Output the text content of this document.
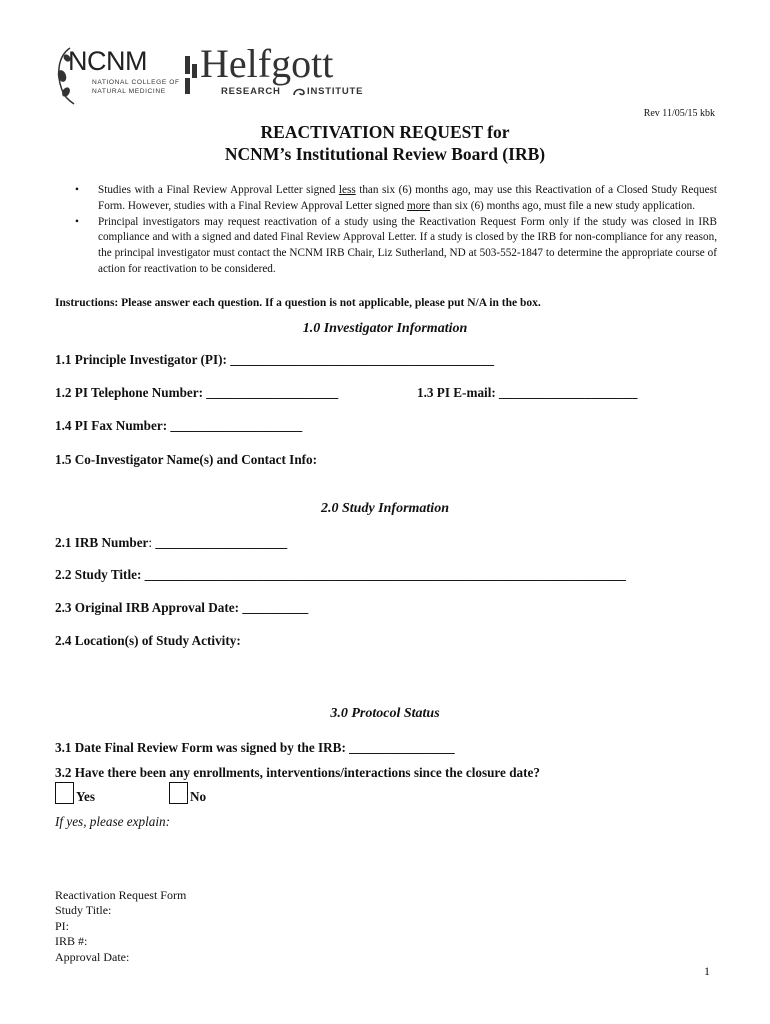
NCNM
NATIONAL COLLEGE OF
NATURAL MEDICINE
Helfgott
RESEARCH	INSTITUTE
Rev 11/05/15 kbk
REACTIVATION REQUEST for
NCNM’s Institutional Review Board (IRB)
• Studies with a Final Review Approval Letter signed less than six (6) months ago, may use this Reactivation of a Closed Study Request Form. However, studies with a Final Review Approval Letter signed more than six (6) months ago, must file a new study application.
• Principal investigators may request reactivation of a study using the Reactivation Request Form only if the study was closed in IRB compliance and with a signed and dated Final Review Approval Letter. If a study is closed by the IRB for non-compliance for any reason, the principal investigator must contact the NCNM IRB Chair, Liz Sutherland, ND at 503-552-1847 to determine the appropriate course of action for reactivation to be considered.
Instructions: Please answer each question. If a question is not applicable, please put N/A in the box.
1.0 Investigator Information
1.1 Principle Investigator (PI): ________________________________________
1.2 PI Telephone Number: ____________________	1.3 PI E-mail: _____________________
1.4 PI Fax Number: ____________________
1.5 Co-Investigator Name(s) and Contact Info:
2.0 Study Information
2.1 IRB Number: ____________________
2.2 Study Title: _________________________________________________________________________
2.3 Original IRB Approval Date: __________
2.4 Location(s) of Study Activity:
3.0 Protocol Status
3.1 Date Final Review Form was signed by the IRB: ________________
3.2 Have there been any enrollments, interventions/interactions since the closure date?
Yes	No
If yes, please explain:
Reactivation Request Form
Study Title:
PI:
IRB #:
Approval Date:
1
